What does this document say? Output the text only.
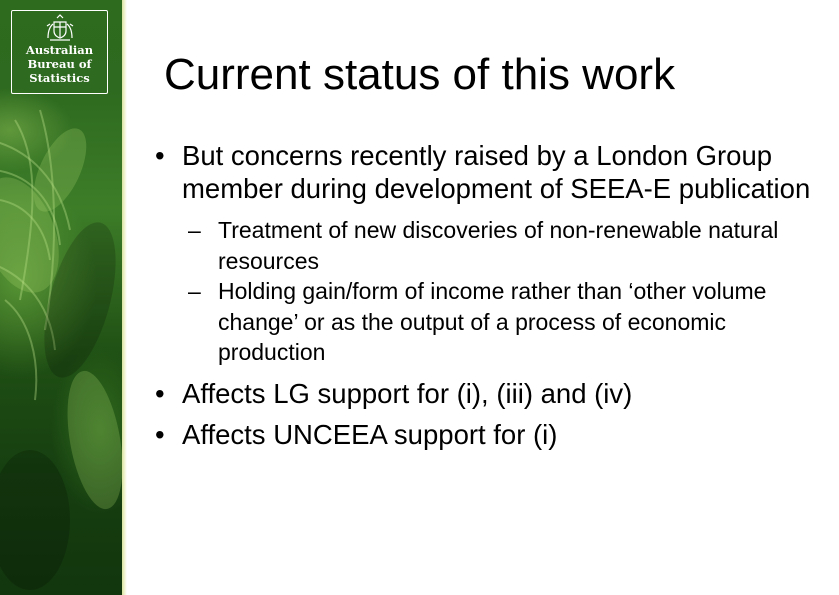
Australian
Bureau of
Statistics	Current status of this work
• But concerns recently raised by a London Group member during development of SEEA-E publication
– Treatment of new discoveries of non-renewable natural resources
– Holding gain/form of income rather than ‘other volume change’ or as the output of a process of economic production
• Affects LG support for (i), (iii) and (iv)
• Affects UNCEEA support for (i)
